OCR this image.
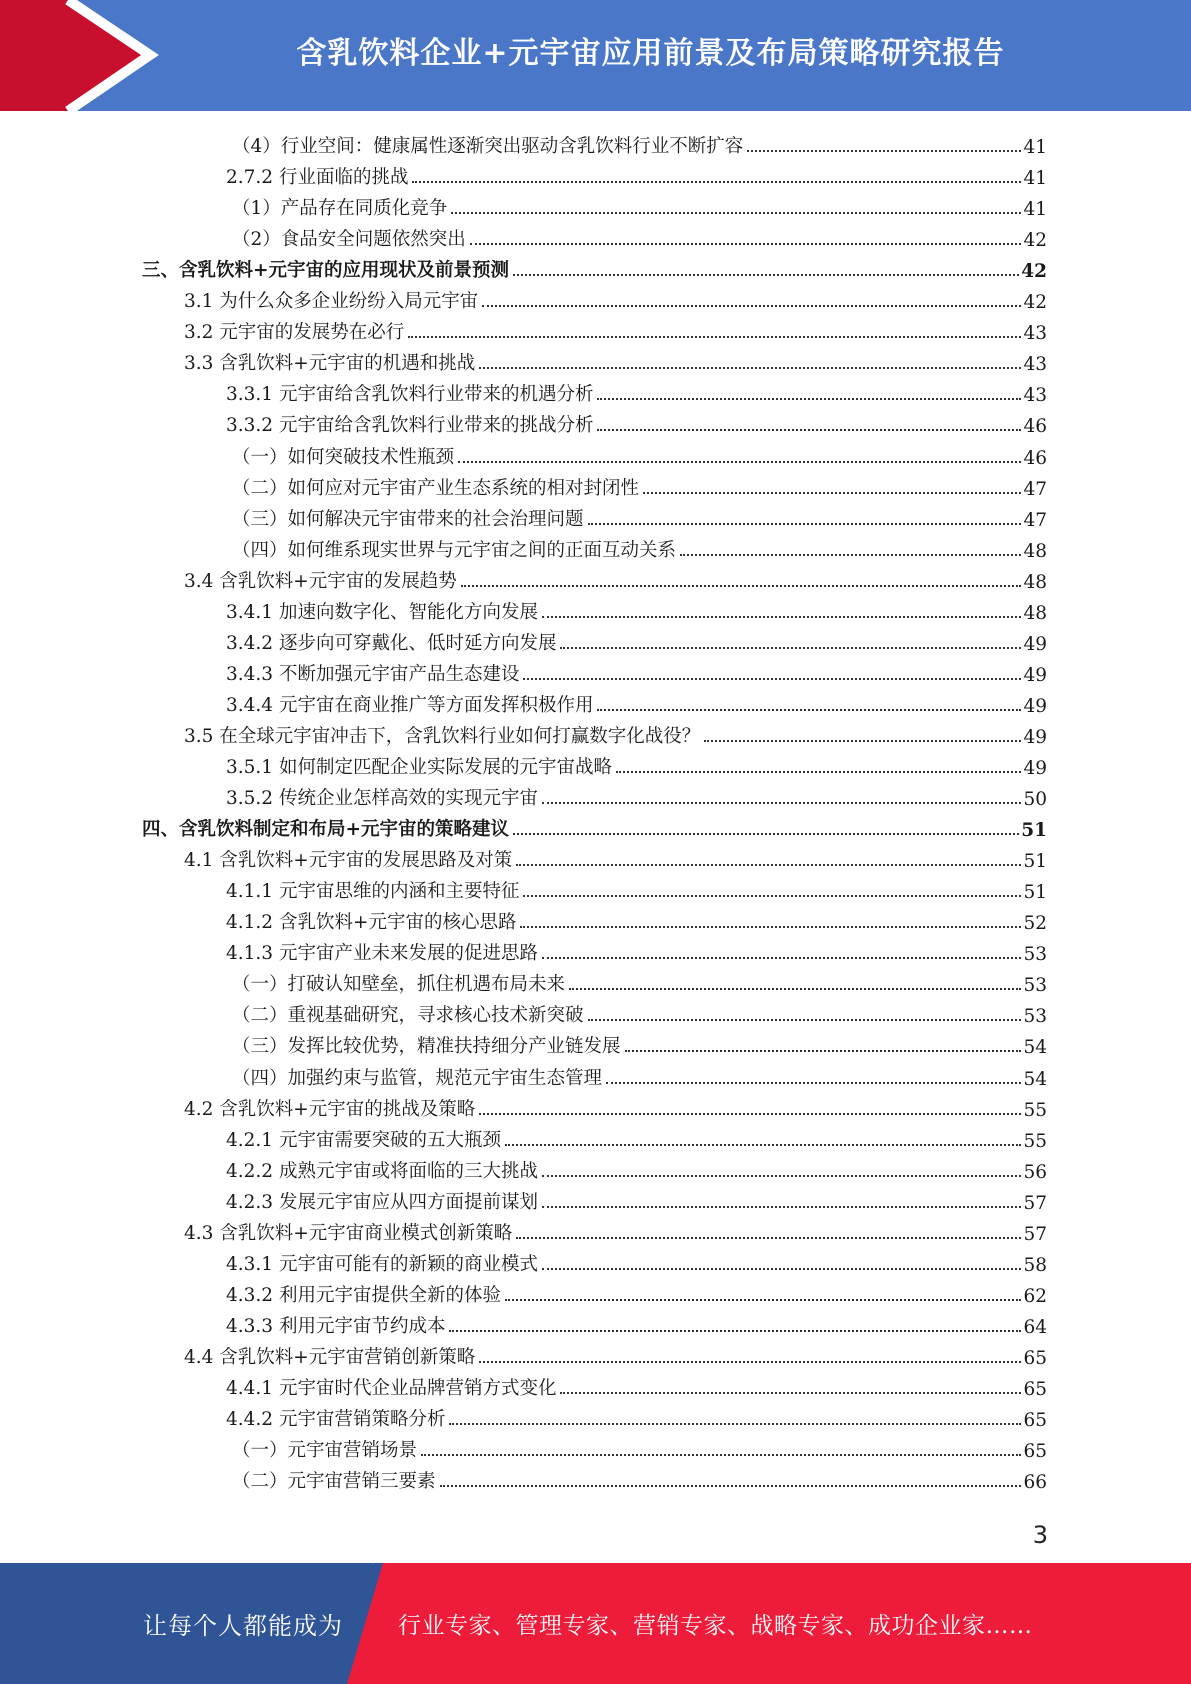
含乳饮料企业+元宇宙应用前景及布局策略研究报告
（4）行业空间：健康属性逐渐突出驱动含乳饮料行业不断扩容	41
2.7.2 行业面临的挑战	41
（1）产品存在同质化竞争	41
（2）食品安全问题依然突出	42
三、含乳饮料+元宇宙的应用现状及前景预测	42
3.1 为什么众多企业纷纷入局元宇宙	42
3.2 元宇宙的发展势在必行	43
3.3 含乳饮料+元宇宙的机遇和挑战	43
3.3.1 元宇宙给含乳饮料行业带来的机遇分析	43
3.3.2 元宇宙给含乳饮料行业带来的挑战分析	46
（一）如何突破技术性瓶颈	46
（二）如何应对元宇宙产业生态系统的相对封闭性	47
（三）如何解决元宇宙带来的社会治理问题	47
（四）如何维系现实世界与元宇宙之间的正面互动关系	48
3.4 含乳饮料+元宇宙的发展趋势	48
3.4.1 加速向数字化、智能化方向发展	48
3.4.2 逐步向可穿戴化、低时延方向发展	49
3.4.3 不断加强元宇宙产品生态建设	49
3.4.4 元宇宙在商业推广等方面发挥积极作用	49
3.5 在全球元宇宙冲击下，含乳饮料行业如何打赢数字化战役？	49
3.5.1 如何制定匹配企业实际发展的元宇宙战略	49
3.5.2 传统企业怎样高效的实现元宇宙	50
四、含乳饮料制定和布局+元宇宙的策略建议	51
4.1 含乳饮料+元宇宙的发展思路及对策	51
4.1.1 元宇宙思维的内涵和主要特征	51
4.1.2 含乳饮料+元宇宙的核心思路	52
4.1.3 元宇宙产业未来发展的促进思路	53
（一）打破认知壁垒，抓住机遇布局未来	53
（二）重视基础研究，寻求核心技术新突破	53
（三）发挥比较优势，精准扶持细分产业链发展	54
（四）加强约束与监管，规范元宇宙生态管理	54
4.2 含乳饮料+元宇宙的挑战及策略	55
4.2.1 元宇宙需要突破的五大瓶颈	55
4.2.2 成熟元宇宙或将面临的三大挑战	56
4.2.3 发展元宇宙应从四方面提前谋划	57
4.3 含乳饮料+元宇宙商业模式创新策略	57
4.3.1 元宇宙可能有的新颖的商业模式	58
4.3.2 利用元宇宙提供全新的体验	62
4.3.3 利用元宇宙节约成本	64
4.4 含乳饮料+元宇宙营销创新策略	65
4.4.1 元宇宙时代企业品牌营销方式变化	65
4.4.2 元宇宙营销策略分析	65
（一）元宇宙营销场景	65
（二）元宇宙营销三要素	66
3
让每个人都能成为 行业专家、管理专家、营销专家、战略专家、成功企业家……
